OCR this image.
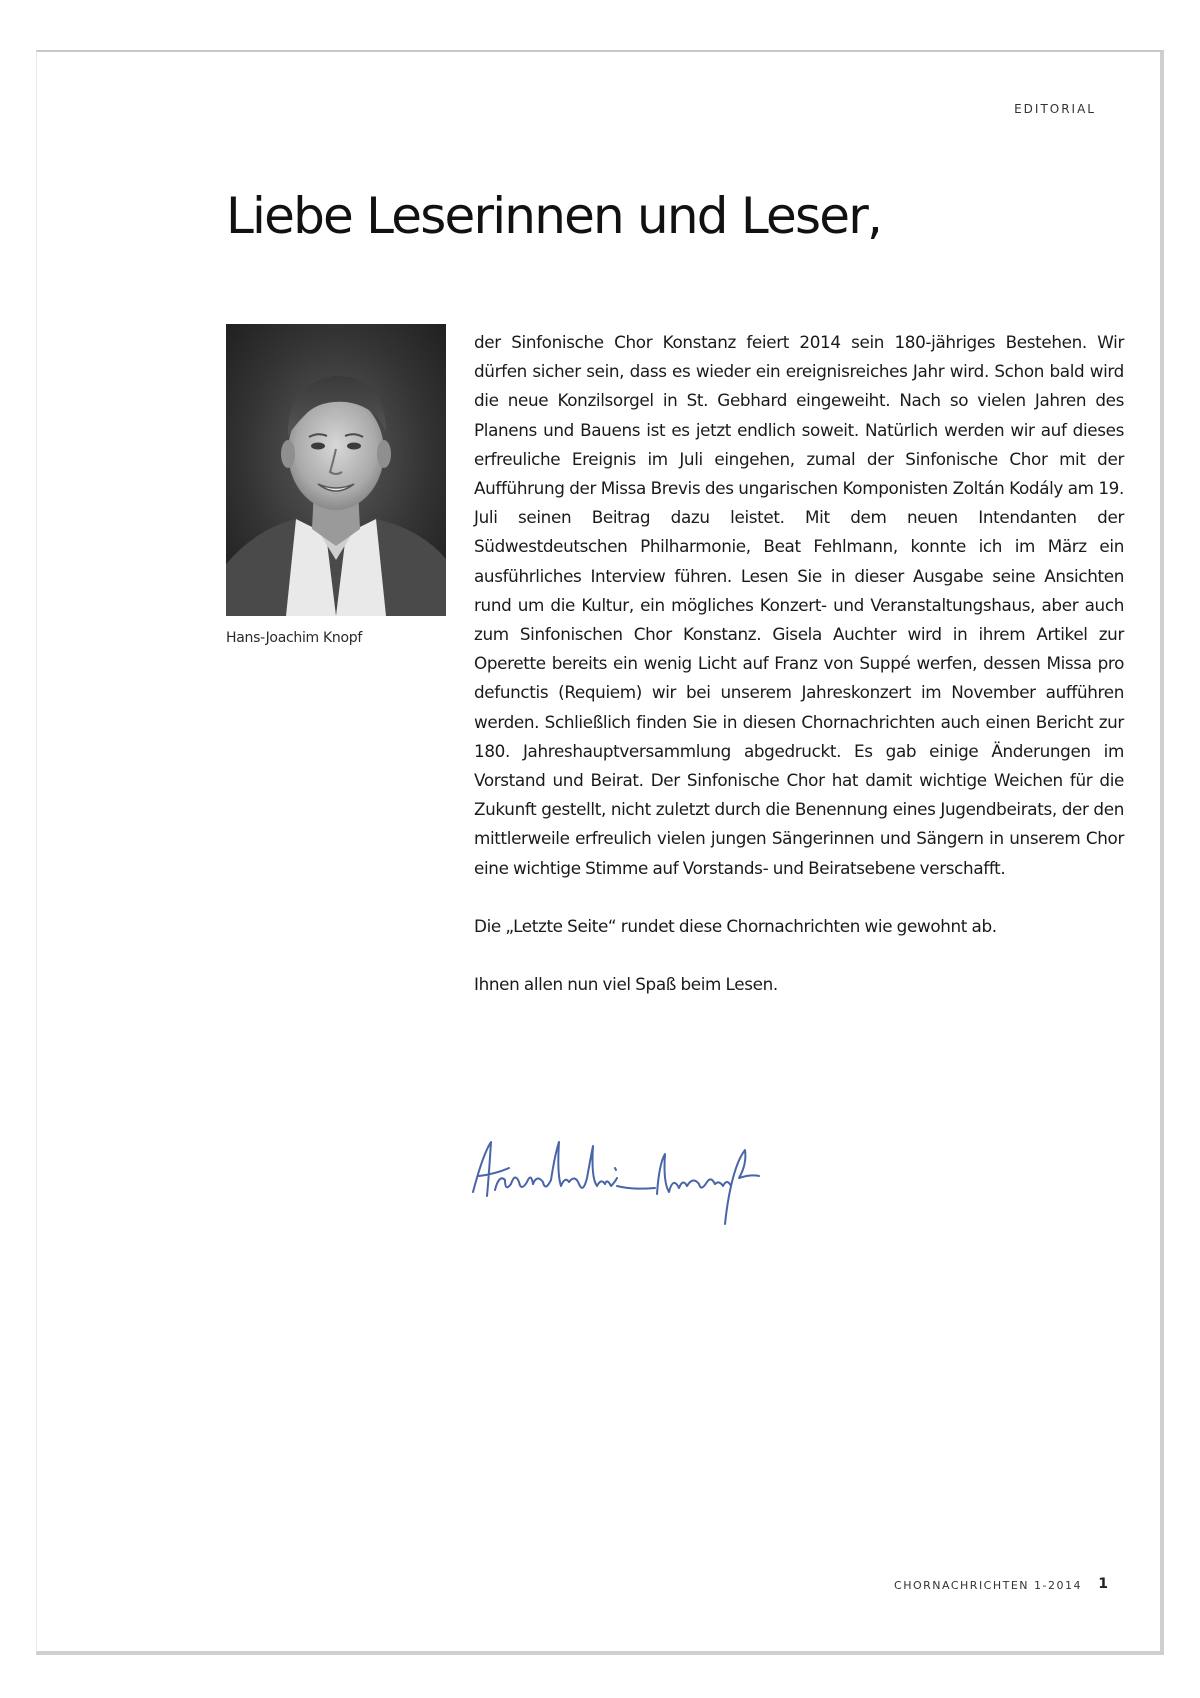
EDITORIAL
Liebe Leserinnen und Leser,
Hans-Joachim Knopf

der Sinfonische Chor Konstanz feiert 2014 sein 180-jähriges Bestehen. Wir dürfen sicher sein, dass es wieder ein ereignisreiches Jahr wird. Schon bald wird die neue Konzilsorgel in St. Gebhard eingeweiht. Nach so vielen Jahren des Planens und Bauens ist es jetzt endlich soweit. Natürlich werden wir auf dieses erfreuliche Ereignis im Juli eingehen, zumal der Sinfonische Chor mit der Aufführung der Missa Brevis des ungarischen Komponisten Zoltán Kodály am 19. Juli seinen Beitrag dazu leistet. Mit dem neuen Intendanten der Südwestdeutschen Philharmonie, Beat Fehlmann, konnte ich im März ein ausführliches Interview führen. Lesen Sie in dieser Ausgabe seine Ansichten rund um die Kultur, ein mögliches Konzert- und Veranstaltungshaus, aber auch zum Sinfonischen Chor Konstanz. Gisela Auchter wird in ihrem Artikel zur Operette bereits ein wenig Licht auf Franz von Suppé werfen, dessen Missa pro defunctis (Requiem) wir bei unserem Jahreskonzert im November aufführen werden. Schließlich finden Sie in diesen Chornachrichten auch einen Bericht zur 180. Jahreshauptversammlung abgedruckt. Es gab einige Änderungen im Vorstand und Beirat. Der Sinfonische Chor hat damit wichtige Weichen für die Zukunft gestellt, nicht zuletzt durch die Benennung eines Jugendbeirats, der den mittlerweile erfreulich vielen jungen Sängerinnen und Sängern in unserem Chor eine wichtige Stimme auf Vorstands- und Beiratsebene verschafft.

Die „Letzte Seite“ rundet diese Chornachrichten wie gewohnt ab.

Ihnen allen nun viel Spaß beim Lesen.

CHORNACHRICHTEN 1-2014 1
